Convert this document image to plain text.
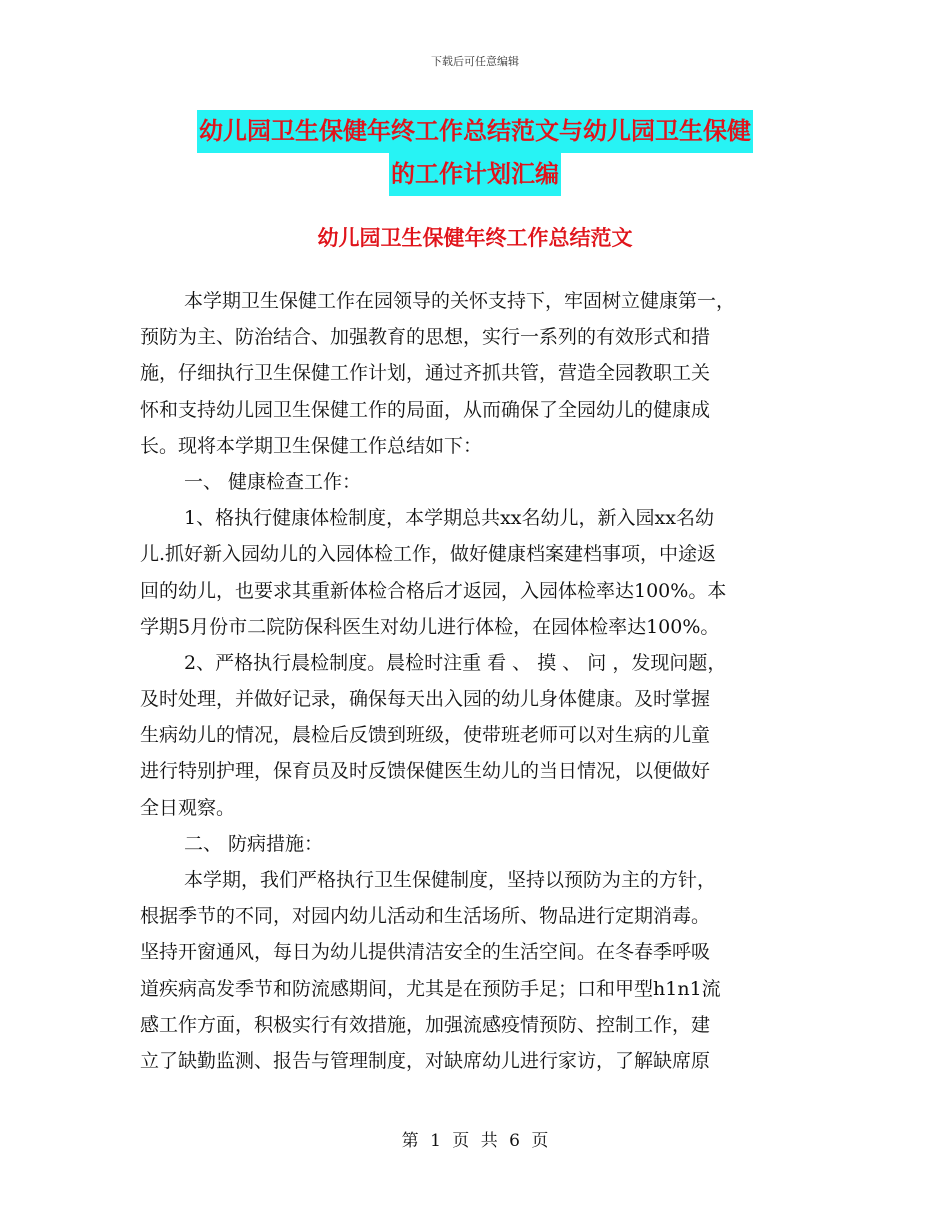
下载后可任意编辑
幼儿园卫生保健年终工作总结范文与幼儿园卫生保健
的工作计划汇编
幼儿园卫生保健年终工作总结范文
本学期卫生保健工作在园领导的关怀支持下，牢固树立健康第一，
预防为主、防治结合、加强教育的思想，实行一系列的有效形式和措
施，仔细执行卫生保健工作计划，通过齐抓共管，营造全园教职工关
怀和支持幼儿园卫生保健工作的局面，从而确保了全园幼儿的健康成
长。现将本学期卫生保健工作总结如下：
一、 健康检查工作：
1、格执行健康体检制度，本学期总共xx名幼儿，新入园xx名幼
儿.抓好新入园幼儿的入园体检工作，做好健康档案建档事项，中途返
回的幼儿，也要求其重新体检合格后才返园，入园体检率达100%。本
学期5月份市二院防保科医生对幼儿进行体检，在园体检率达100%。
2、严格执行晨检制度。晨检时注重 看 、 摸 、 问 ，发现问题，
及时处理，并做好记录，确保每天出入园的幼儿身体健康。及时掌握
生病幼儿的情况，晨检后反馈到班级，使带班老师可以对生病的儿童
进行特别护理，保育员及时反馈保健医生幼儿的当日情况，以便做好
全日观察。
二、 防病措施：
本学期，我们严格执行卫生保健制度，坚持以预防为主的方针，
根据季节的不同，对园内幼儿活动和生活场所、物品进行定期消毒。
坚持开窗通风，每日为幼儿提供清洁安全的生活空间。在冬春季呼吸
道疾病高发季节和防流感期间，尤其是在预防手足；口和甲型h1n1流
感工作方面，积极实行有效措施，加强流感疫情预防、控制工作，建
立了缺勤监测、报告与管理制度，对缺席幼儿进行家访，了解缺席原
第 1 页 共 6 页
